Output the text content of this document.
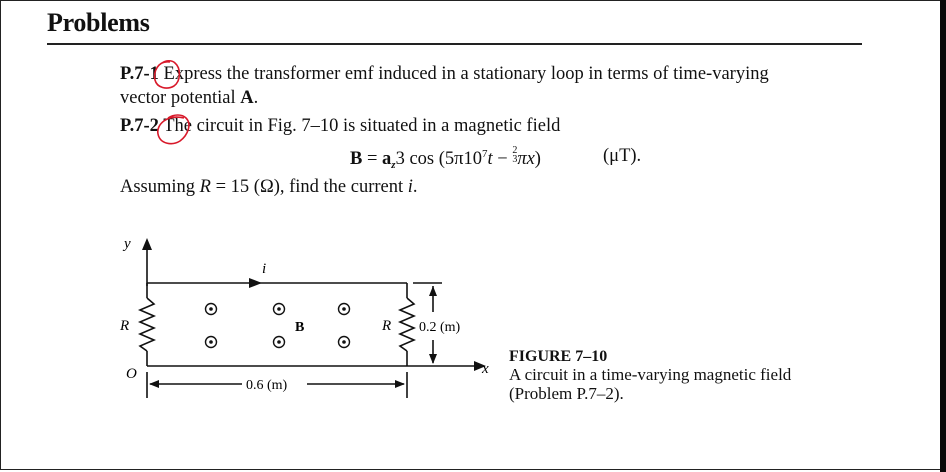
Problems
P.7-1 Express the transformer emf induced in a stationary loop in terms of time-varying
vector potential A.
P.7-2 The circuit in Fig. 7–10 is situated in a magnetic field
$B = a_z3$ $\cos (5\pi 10^7t - 2$
3πx)	(μT).
Assuming R = 15 (Ω), find the current i.
y
x
O
i
R	R
B	0.2 (m)
0.6 (m)
FIGURE 7–10
A circuit in a time-varying magnetic field
(Problem P.7–2).
